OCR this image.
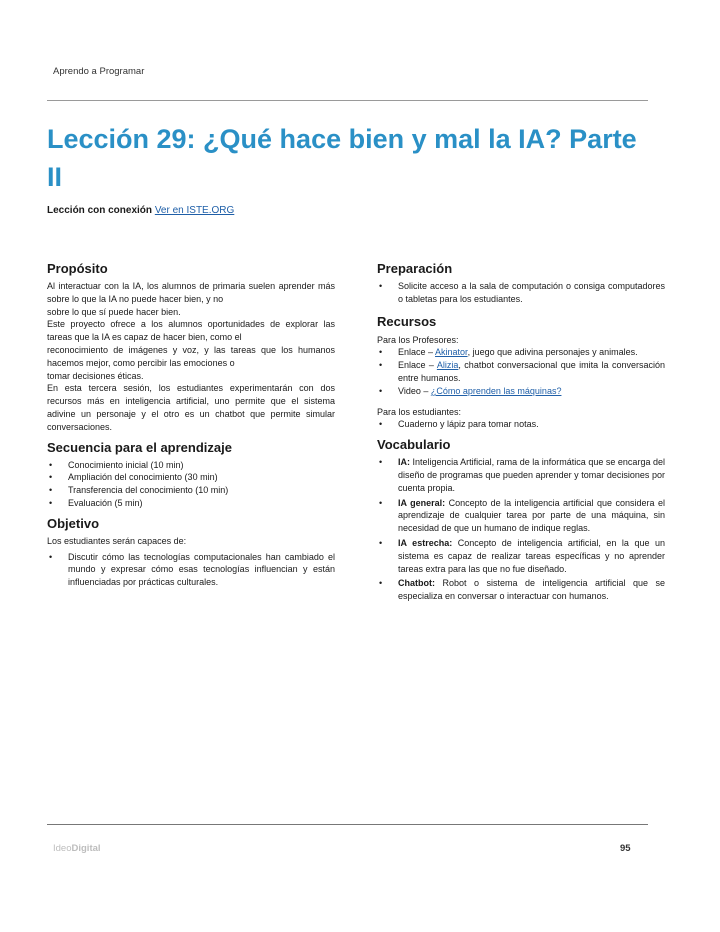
Aprendo a Programar
Lección 29: ¿Qué hace bien y mal la IA? Parte II
Lección con conexión Ver en ISTE.ORG
Propósito

Al interactuar con la IA, los alumnos de primaria suelen aprender más sobre lo que la IA no puede hacer bien, y no

sobre lo que sí puede hacer bien.

Este proyecto ofrece a los alumnos oportunidades de explorar las tareas que la IA es capaz de hacer bien, como el

reconocimiento de imágenes y voz, y las tareas que los humanos hacemos mejor, como percibir las emociones o

tomar decisiones éticas.

En esta tercera sesión, los estudiantes experimentarán con dos recursos más en inteligencia artificial, uno permite que el sistema adivine un personaje y el otro es un chatbot que permite simular conversaciones.

Secuencia para el aprendizaje
• Conocimiento inicial (10 min)
• Ampliación del conocimiento (30 min)
• Transferencia del conocimiento (10 min)
• Evaluación (5 min)
Objetivo

Los estudiantes serán capaces de:

• Discutir cómo las tecnologías computacionales han cambiado el mundo y expresar cómo esas tecnologías influencian y están influenciadas por prácticas culturales.
Preparación
• Solicite acceso a la sala de computación o consiga computadores o tabletas para los estudiantes.
Recursos

Para los Profesores:

• Enlace – Akinator, juego que adivina personajes y animales.
• Enlace – Alizia, chatbot conversacional que imita la conversación entre humanos.
• Video – ¿Cómo aprenden las máquinas?

Para los estudiantes:

• Cuaderno y lápiz para tomar notas.
Vocabulario
• IA: Inteligencia Artificial, rama de la informática que se encarga del diseño de programas que pueden aprender y tomar decisiones por cuenta propia.
• IA general: Concepto de la inteligencia artificial que considera el aprendizaje de cualquier tarea por parte de una máquina, sin necesidad de que un humano de indique reglas.
• IA estrecha: Concepto de inteligencia artificial, en la que un sistema es capaz de realizar tareas específicas y no aprender tareas extra para las que no fue diseñado.
• Chatbot: Robot o sistema de inteligencia artificial que se especializa en conversar o interactuar con humanos.
IdeoDigital	95
